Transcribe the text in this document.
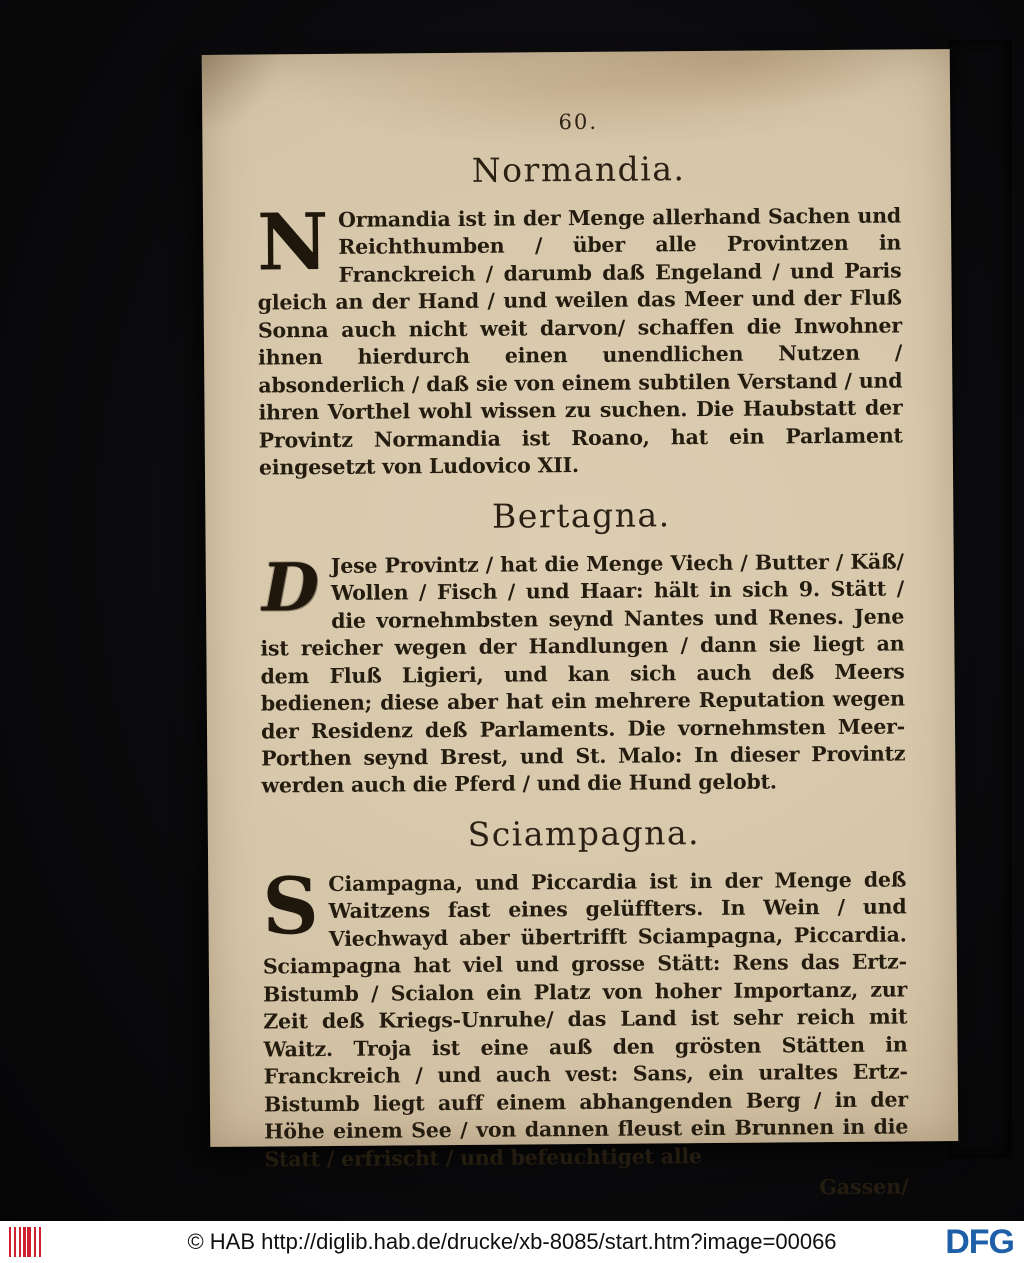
60.

Normandia.

N Ormandia ist in der Menge allerhand Sachen und Reichthumben / über alle Provintzen in Franckreich / darumb daß Engeland / und Paris gleich an der Hand / und weilen das Meer und der Fluß Sonna auch nicht weit darvon/ schaffen die Inwohner ihnen hierdurch einen unendlichen Nutzen / absonderlich / daß sie von einem subtilen Verstand / und ihren Vorthel wohl wissen zu suchen. Die Haubstatt der Provintz Normandia ist Roano, hat ein Parlament eingesetzt von Ludovico XII.

Bertagna.

D Jese Provintz / hat die Menge Viech / Butter / Käß/ Wollen / Fisch / und Haar: hält in sich 9. Stätt / die vornehmbsten seynd Nantes und Renes. Jene ist reicher wegen der Handlungen / dann sie liegt an dem Fluß Ligieri, und kan sich auch deß Meers bedienen; diese aber hat ein mehrere Reputation wegen der Residenz deß Parlaments. Die vornehmsten Meer-Porthen seynd Brest, und St. Malo: In dieser Provintz werden auch die Pferd / und die Hund gelobt.

Sciampagna.

S Ciampagna, und Piccardia ist in der Menge deß Waitzens fast eines gelüffters. In Wein / und Viechwayd aber übertrifft Sciampagna, Piccardia. Sciampagna hat viel und grosse Stätt: Rens das Ertz-Bistumb / Scialon ein Platz von hoher Importanz, zur Zeit deß Kriegs-Unruhe/ das Land ist sehr reich mit Waitz. Troja ist eine auß den grösten Stätten in Franckreich / und auch vest: Sans, ein uraltes Ertz-Bistumb liegt auff einem abhangenden Berg / in der Höhe einem See / von dannen fleust ein Brunnen in die Statt / erfrischt / und befeuchtiget alle

Gassen/

© HAB http://diglib.hab.de/drucke/xb-8085/start.htm?image=00066	DFG
